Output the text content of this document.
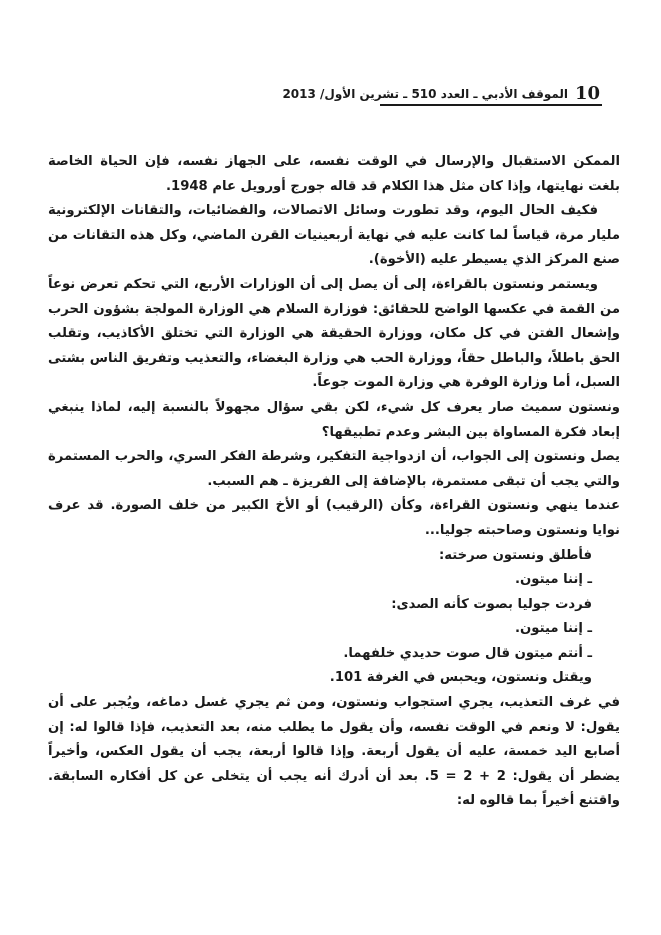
10
الموقف الأدبي ـ العدد 510 ـ تشرين الأول/ 2013

الممكن الاستقبال والإرسال في الوقت نفسه، على الجهاز نفسه، فإن الحياة الخاصة بلغت نهايتها، وإذا كان مثل هذا الكلام قد قاله جورج أورويل عام 1948.

فكيف الحال اليوم، وقد تطورت وسائل الاتصالات، والفضائيات، والتقانات الإلكترونية مليار مرة، قياساً لما كانت عليه في نهاية أربعينيات القرن الماضي، وكل هذه التقانات من صنع المركز الذي يسيطر عليه (الأخوة).

ويستمر ونستون بالقراءة، إلى أن يصل إلى أن الوزارات الأربع، التي تحكم تعرض نوعاً من القمة في عكسها الواضح للحقائق: فوزارة السلام هي الوزارة المولجة بشؤون الحرب وإشعال الفتن في كل مكان، ووزارة الحقيقة هي الوزارة التي تختلق الأكاذيب، وتقلب الحق باطلاً، والباطل حقاً، ووزارة الحب هي وزارة البغضاء، والتعذيب وتفريق الناس بشتى السبل، أما وزارة الوفرة هي وزارة الموت جوعاً.

ونستون سميث صار يعرف كل شيء، لكن بقي سؤال مجهولاً بالنسبة إليه، لماذا ينبغي إبعاد فكرة المساواة بين البشر وعدم تطبيقها؟

يصل ونستون إلى الجواب، أن ازدواجية التفكير، وشرطة الفكر السري، والحرب المستمرة والتي يجب أن تبقى مستمرة، بالإضافة إلى الفريزة ـ هم السبب.

عندما ينهي ونستون القراءة، وكأن (الرقيب) أو الأخ الكبير من خلف الصورة. قد عرف نوايا ونستون وصاحبته جوليا...

فأطلق ونستون صرخته:

ـ إننا ميتون.

فردت جوليا بصوت كأنه الصدى:

ـ إننا ميتون.

ـ أنتم ميتون قال صوت حديدي خلفهما.

ويقتل ونستون، ويحبس في الغرفة 101.

في غرف التعذيب، يجري استجواب ونستون، ومن ثم يجري غسل دماغه، ويُجبر على أن يقول: لا ونعم في الوقت نفسه، وأن يقول ما يطلب منه، بعد التعذيب، فإذا قالوا له: إن أصابع اليد خمسة، عليه أن يقول أربعة. وإذا قالوا أربعة، يجب أن يقول العكس، وأخيراً يضطر أن يقول: 2 + 2 = 5. بعد أن أدرك أنه يجب أن يتخلى عن كل أفكاره السابقة. واقتنع أخيراً بما قالوه له:
